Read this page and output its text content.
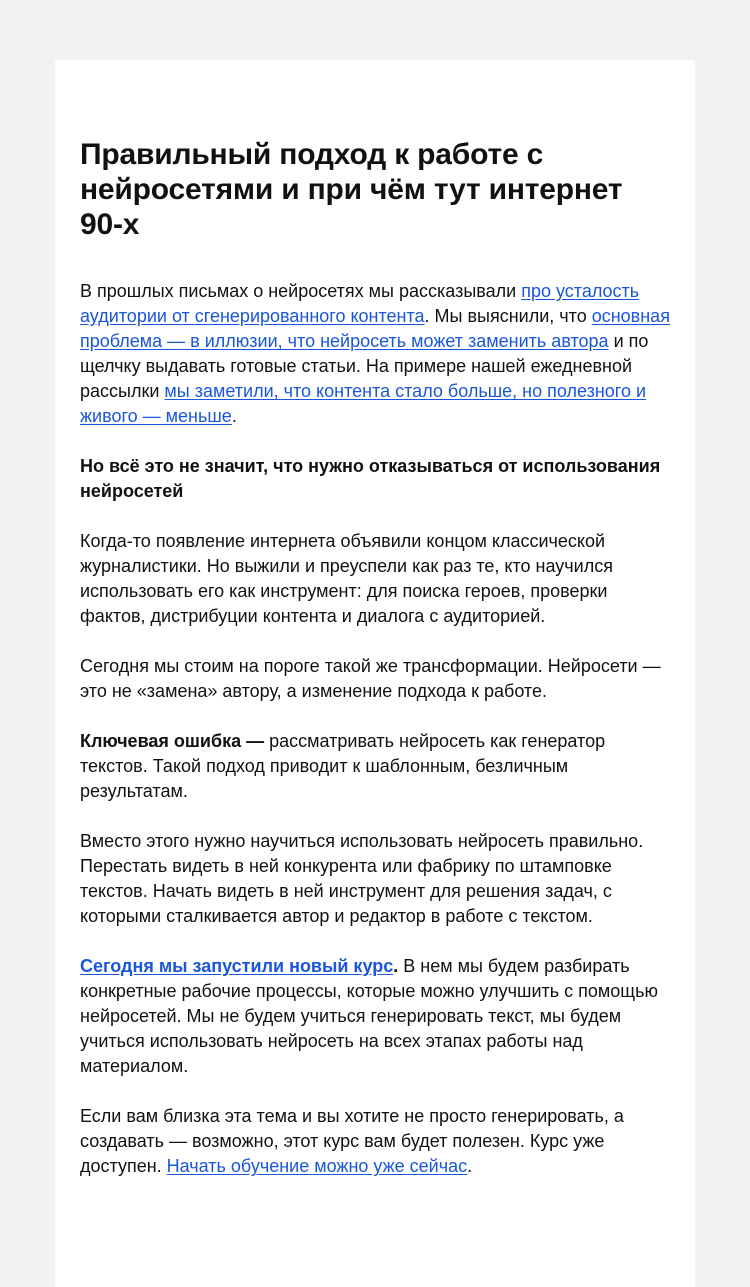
Правильный подход к работе с нейросетями и при чём тут интернет 90-х

В прошлых письмах о нейросетях мы рассказывали про усталость аудитории от сгенерированного контента. Мы выяснили, что основная проблема — в иллюзии, что нейросеть может заменить автора и по щелчку выдавать готовые статьи. На примере нашей ежедневной рассылки мы заметили, что контента стало больше, но полезного и живого — меньше.

Но всё это не значит, что нужно отказываться от использования нейросетей

Когда-то появление интернета объявили концом классической журналистики. Но выжили и преуспели как раз те, кто научился использовать его как инструмент: для поиска героев, проверки фактов, дистрибуции контента и диалога с аудиторией.

Сегодня мы стоим на пороге такой же трансформации. Нейросети — это не «замена» автору, а изменение подхода к работе.

Ключевая ошибка — рассматривать нейросеть как генератор текстов. Такой подход приводит к шаблонным, безличным результатам.

Вместо этого нужно научиться использовать нейросеть правильно. Перестать видеть в ней конкурента или фабрику по штамповке текстов. Начать видеть в ней инструмент для решения задач, с которыми сталкивается автор и редактор в работе с текстом.

Сегодня мы запустили новый курс. В нем мы будем разбирать конкретные рабочие процессы, которые можно улучшить с помощью нейросетей. Мы не будем учиться генерировать текст, мы будем учиться использовать нейросеть на всех этапах работы над материалом.

Если вам близка эта тема и вы хотите не просто генерировать, а создавать — возможно, этот курс вам будет полезен. Курс уже доступен. Начать обучение можно уже сейчас.
